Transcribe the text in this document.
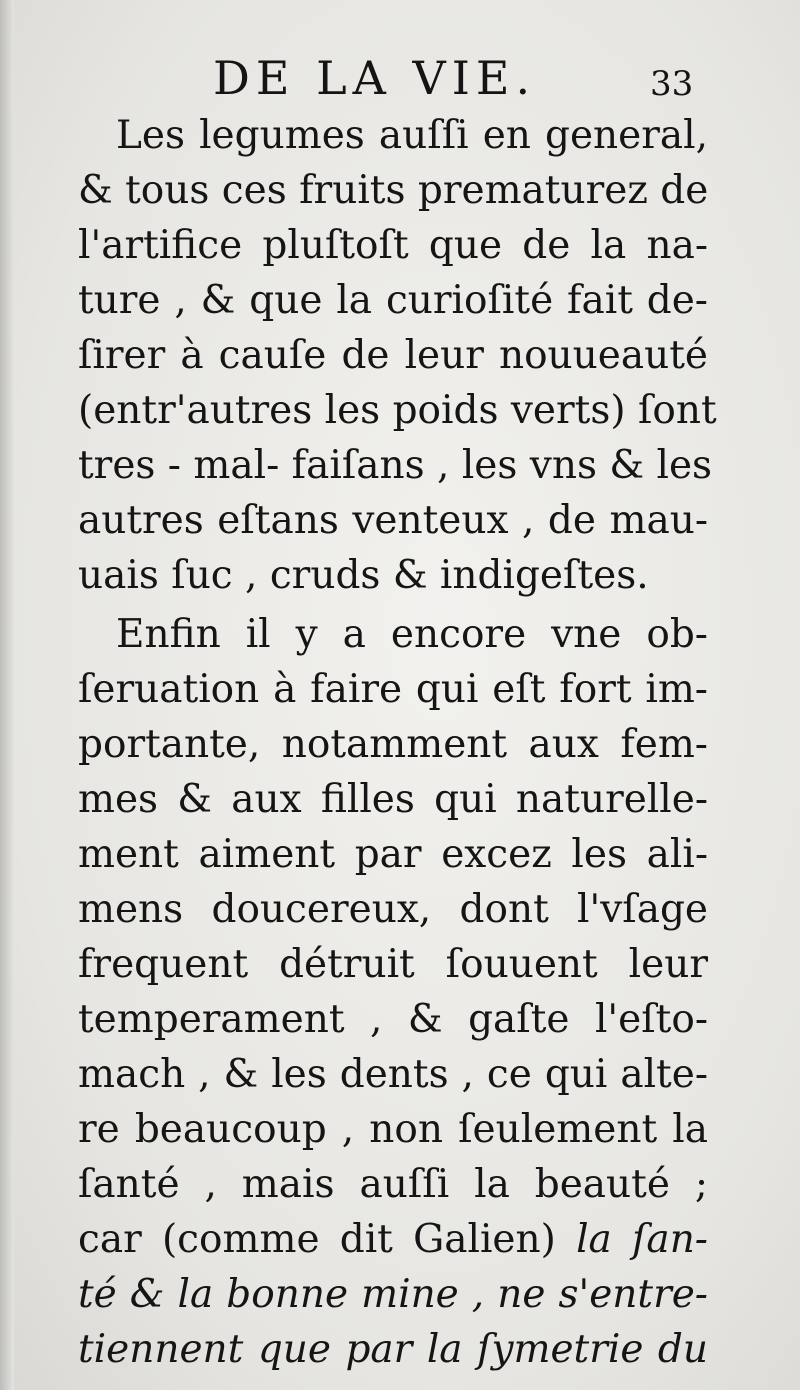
DE LA VIE.	33
Les legumes auſſi en general,
& tous ces fruits prematurez de
l'artifice pluſtoſt que de la na-
ture , & que la curioſité fait de-
ſirer à cauſe de leur nouueauté
(entr'autres les poids verts) ſont
tres - mal- faiſans , les vns & les
autres eſtans venteux , de mau-
uais ſuc , cruds & indigeſtes.
Enfin il y a encore vne ob-
ſeruation à faire qui eſt fort im-
portante, notamment aux fem-
mes & aux filles qui naturelle-
ment aiment par excez les ali-
mens doucereux, dont l'vſage
frequent détruit ſouuent leur
temperament , & gaſte l'eſto-
mach , & les dents , ce qui alte-
re beaucoup , non ſeulement la
ſanté , mais auſſi la beauté ;
car (comme dit Galien) la ſan-
té & la bonne mine , ne s'entre-
tiennent que par la ſymetrie du
